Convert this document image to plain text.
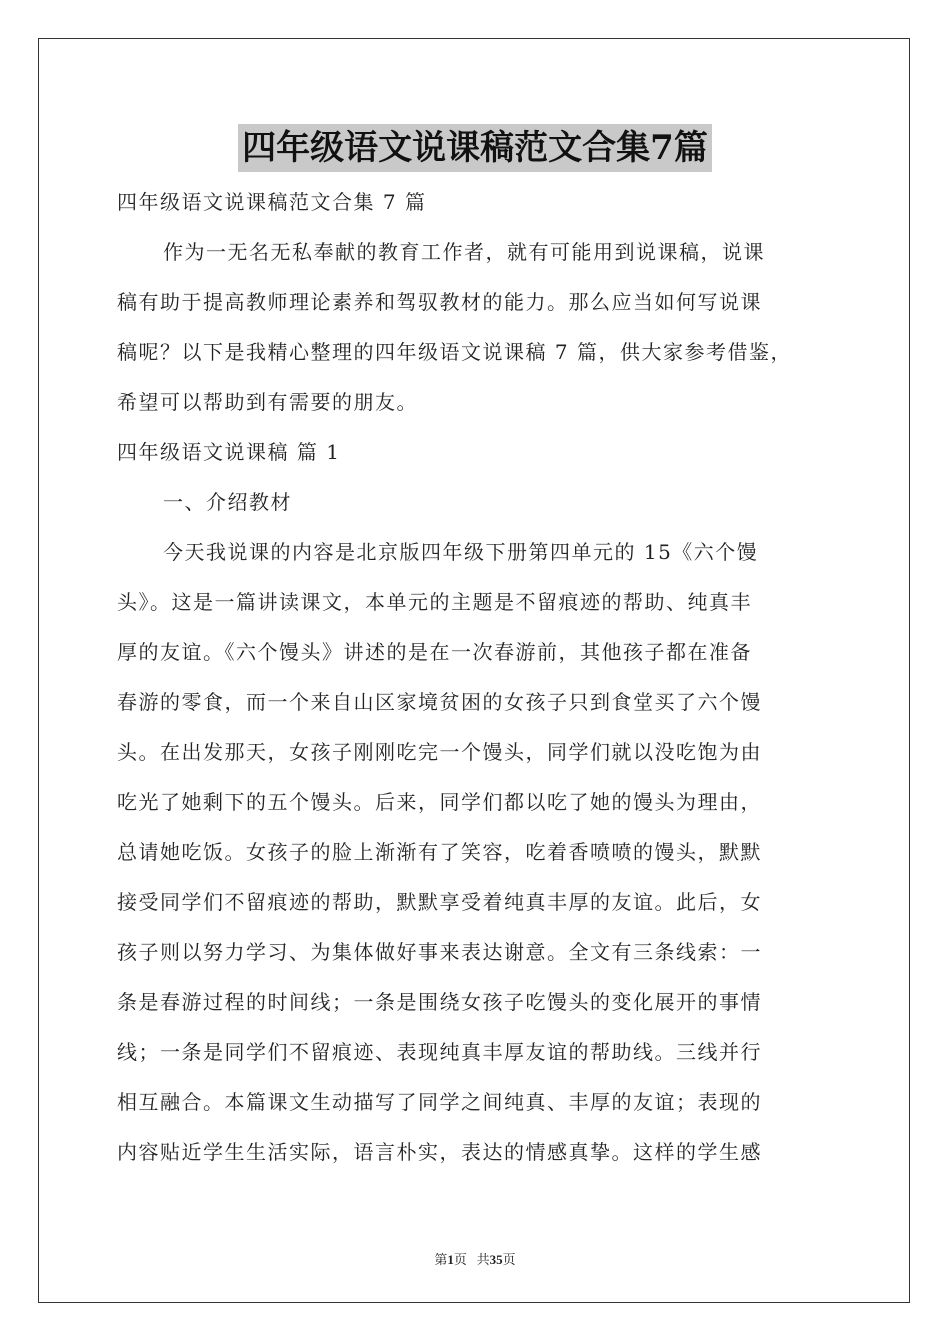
四年级语文说课稿范文合集7篇
四年级语文说课稿范文合集 7 篇
作为一无名无私奉献的教育工作者，就有可能用到说课稿，说课
稿有助于提高教师理论素养和驾驭教材的能力。那么应当如何写说课
稿呢？以下是我精心整理的四年级语文说课稿 7 篇，供大家参考借鉴，
希望可以帮助到有需要的朋友。
四年级语文说课稿 篇 1
一、介绍教材
今天我说课的内容是北京版四年级下册第四单元的 15《六个馒
头》。这是一篇讲读课文，本单元的主题是不留痕迹的帮助、纯真丰
厚的友谊。《六个馒头》讲述的是在一次春游前，其他孩子都在准备
春游的零食，而一个来自山区家境贫困的女孩子只到食堂买了六个馒
头。在出发那天，女孩子刚刚吃完一个馒头，同学们就以没吃饱为由
吃光了她剩下的五个馒头。后来，同学们都以吃了她的馒头为理由，
总请她吃饭。女孩子的脸上渐渐有了笑容，吃着香喷喷的馒头，默默
接受同学们不留痕迹的帮助，默默享受着纯真丰厚的友谊。此后，女
孩子则以努力学习、为集体做好事来表达谢意。全文有三条线索：一
条是春游过程的时间线；一条是围绕女孩子吃馒头的变化展开的事情
线；一条是同学们不留痕迹、表现纯真丰厚友谊的帮助线。三线并行
相互融合。本篇课文生动描写了同学之间纯真、丰厚的友谊；表现的
内容贴近学生生活实际，语言朴实，表达的情感真挚。这样的学生感
第1页 共35页
